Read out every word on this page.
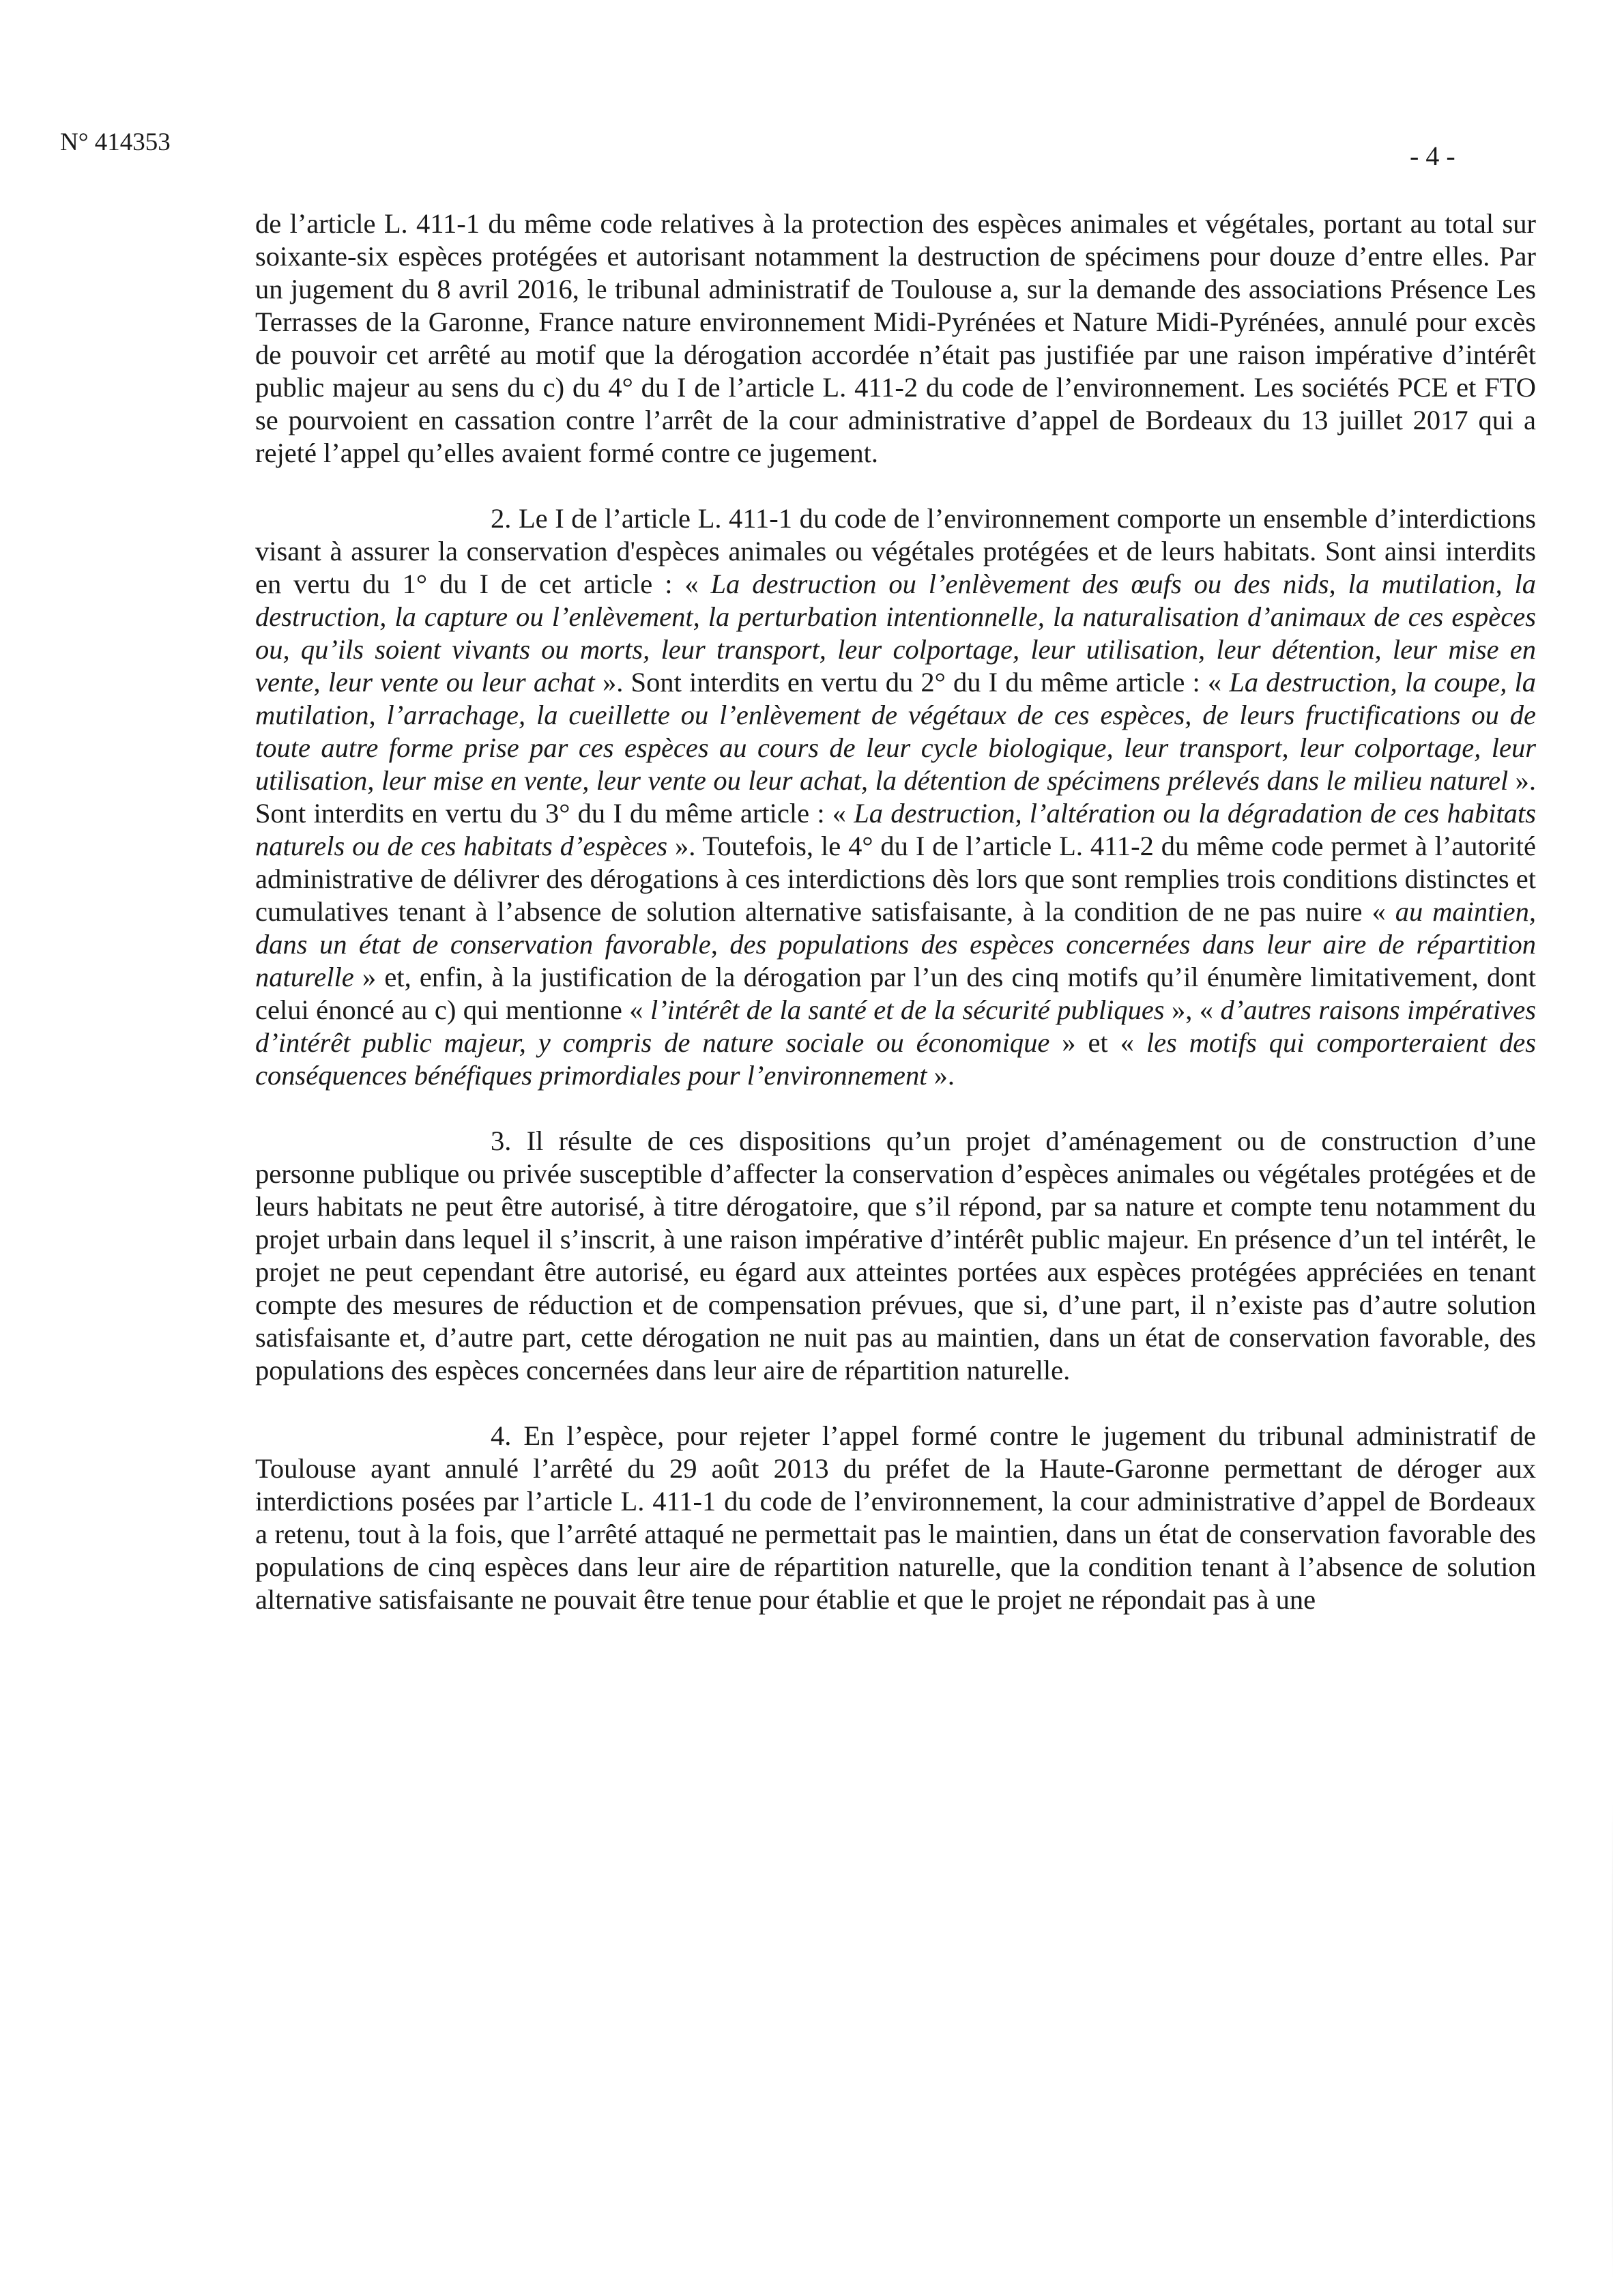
N° 414353	- 4 -

de l’article L. 411-1 du même code relatives à la protection des espèces animales et végétales, portant au total sur soixante-six espèces protégées et autorisant notamment la destruction de spécimens pour douze d’entre elles. Par un jugement du 8 avril 2016, le tribunal administratif de Toulouse a, sur la demande des associations Présence Les Terrasses de la Garonne, France nature environnement Midi-Pyrénées et Nature Midi-Pyrénées, annulé pour excès de pouvoir cet arrêté au motif que la dérogation accordée n’était pas justifiée par une raison impérative d’intérêt public majeur au sens du c) du 4° du I de l’article L. 411-2 du code de l’environnement. Les sociétés PCE et FTO se pourvoient en cassation contre l’arrêt de la cour administrative d’appel de Bordeaux du 13 juillet 2017 qui a rejeté l’appel qu’elles avaient formé contre ce jugement.

2. Le I de l’article L. 411-1 du code de l’environnement comporte un ensemble d’interdictions visant à assurer la conservation d'espèces animales ou végétales protégées et de leurs habitats. Sont ainsi interdits en vertu du 1° du I de cet article : « La destruction ou l’enlèvement des œufs ou des nids, la mutilation, la destruction, la capture ou l’enlèvement, la perturbation intentionnelle, la naturalisation d’animaux de ces espèces ou, qu’ils soient vivants ou morts, leur transport, leur colportage, leur utilisation, leur détention, leur mise en vente, leur vente ou leur achat ». Sont interdits en vertu du 2° du I du même article : « La destruction, la coupe, la mutilation, l’arrachage, la cueillette ou l’enlèvement de végétaux de ces espèces, de leurs fructifications ou de toute autre forme prise par ces espèces au cours de leur cycle biologique, leur transport, leur colportage, leur utilisation, leur mise en vente, leur vente ou leur achat, la détention de spécimens prélevés dans le milieu naturel ». Sont interdits en vertu du 3° du I du même article : « La destruction, l’altération ou la dégradation de ces habitats naturels ou de ces habitats d’espèces ». Toutefois, le 4° du I de l’article L. 411-2 du même code permet à l’autorité administrative de délivrer des dérogations à ces interdictions dès lors que sont remplies trois conditions distinctes et cumulatives tenant à l’absence de solution alternative satisfaisante, à la condition de ne pas nuire « au maintien, dans un état de conservation favorable, des populations des espèces concernées dans leur aire de répartition naturelle » et, enfin, à la justification de la dérogation par l’un des cinq motifs qu’il énumère limitativement, dont celui énoncé au c) qui mentionne « l’intérêt de la santé et de la sécurité publiques », « d’autres raisons impératives d’intérêt public majeur, y compris de nature sociale ou économique » et « les motifs qui comporteraient des conséquences bénéfiques primordiales pour l’environnement ».

3. Il résulte de ces dispositions qu’un projet d’aménagement ou de construction d’une personne publique ou privée susceptible d’affecter la conservation d’espèces animales ou végétales protégées et de leurs habitats ne peut être autorisé, à titre dérogatoire, que s’il répond, par sa nature et compte tenu notamment du projet urbain dans lequel il s’inscrit, à une raison impérative d’intérêt public majeur. En présence d’un tel intérêt, le projet ne peut cependant être autorisé, eu égard aux atteintes portées aux espèces protégées appréciées en tenant compte des mesures de réduction et de compensation prévues, que si, d’une part, il n’existe pas d’autre solution satisfaisante et, d’autre part, cette dérogation ne nuit pas au maintien, dans un état de conservation favorable, des populations des espèces concernées dans leur aire de répartition naturelle.

4. En l’espèce, pour rejeter l’appel formé contre le jugement du tribunal administratif de Toulouse ayant annulé l’arrêté du 29 août 2013 du préfet de la Haute-Garonne permettant de déroger aux interdictions posées par l’article L. 411-1 du code de l’environnement, la cour administrative d’appel de Bordeaux a retenu, tout à la fois, que l’arrêté attaqué ne permettait pas le maintien, dans un état de conservation favorable des populations de cinq espèces dans leur aire de répartition naturelle, que la condition tenant à l’absence de solution alternative satisfaisante ne pouvait être tenue pour établie et que le projet ne répondait pas à une
